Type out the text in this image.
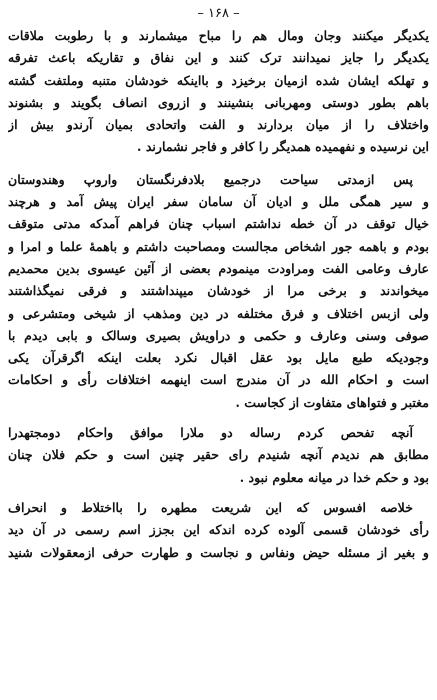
– ۱۶۸ –
یکدیگر میکنند وجان ومال هم را مباح میشمارند و با رطوبت ملاقات
یکدیگر را جایز نمیدانند ترک کنند و این نفاق و تقاریکه باعث تفرقه
و تهلکه ایشان شده ازمیان برخیزد و بااینکه خودشان متنبه وملتفت گشته
باهم بطور دوستی ومهربانی بنشینند و ازروی انصاف بگویند و بشنوند
واختلاف را از میان بردارند و الفت واتحادی بمیان آرندو بیش از
این نرسیده و نفهمیده همدیگر را کافر و فاجر نشمارند .
پس ازمدتی سیاحت درجمیع بلادفرنگستان واروپ وهندوستان
و سیر همگی ملل و ادیان آن سامان سفر ایران پیش آمد و هرچند
خیال توقف در آن خطه نداشتم اسباب چنان فراهم آمدکه مدتی متوقف
بودم و باهمه جور اشخاص مجالست ومصاحبت داشتم و باهمهٔ علما و امرا و
عارف وعامی الفت ومراودت مینمودم بعضی از آئین عیسوی بدین محمدیم
میخواندند و برخی مرا از خودشان میپنداشتند و فرقی نمیگذاشتند
ولی ازبس اختلاف و فرق مختلفه در دین ومذهب از شیخی ومتشرعی و
صوفی وسنی وعارف و حکمی و دراویش بصیری وسالک و بابی دیدم با
وجودیکه طبع مایل بود عقل اقبال نکرد بعلت اینکه اگرقرآن یکی
است و احکام الله در آن مندرج است اینهمه اختلافات رأی و احکامات
مغتبر و فتواهای متفاوت از کجاست .
آنچه تفحص کردم رساله دو ملارا موافق واحکام دومجتهدرا
مطابق هم ندیدم آنچه شنیدم رای حقیر چنین است و حکم فلان چنان
بود و حکم خدا در میانه معلوم نبود .
خلاصه افسوس که این شریعت مطهره را بااختلاط و انحراف
رأی خودشان قسمی آلوده کرده اندکه این بجزز اسم رسمی در آن دید
و بغیر از مسئله حیض ونفاس و نجاست و طهارت حرفی ازمعقولات شنید
